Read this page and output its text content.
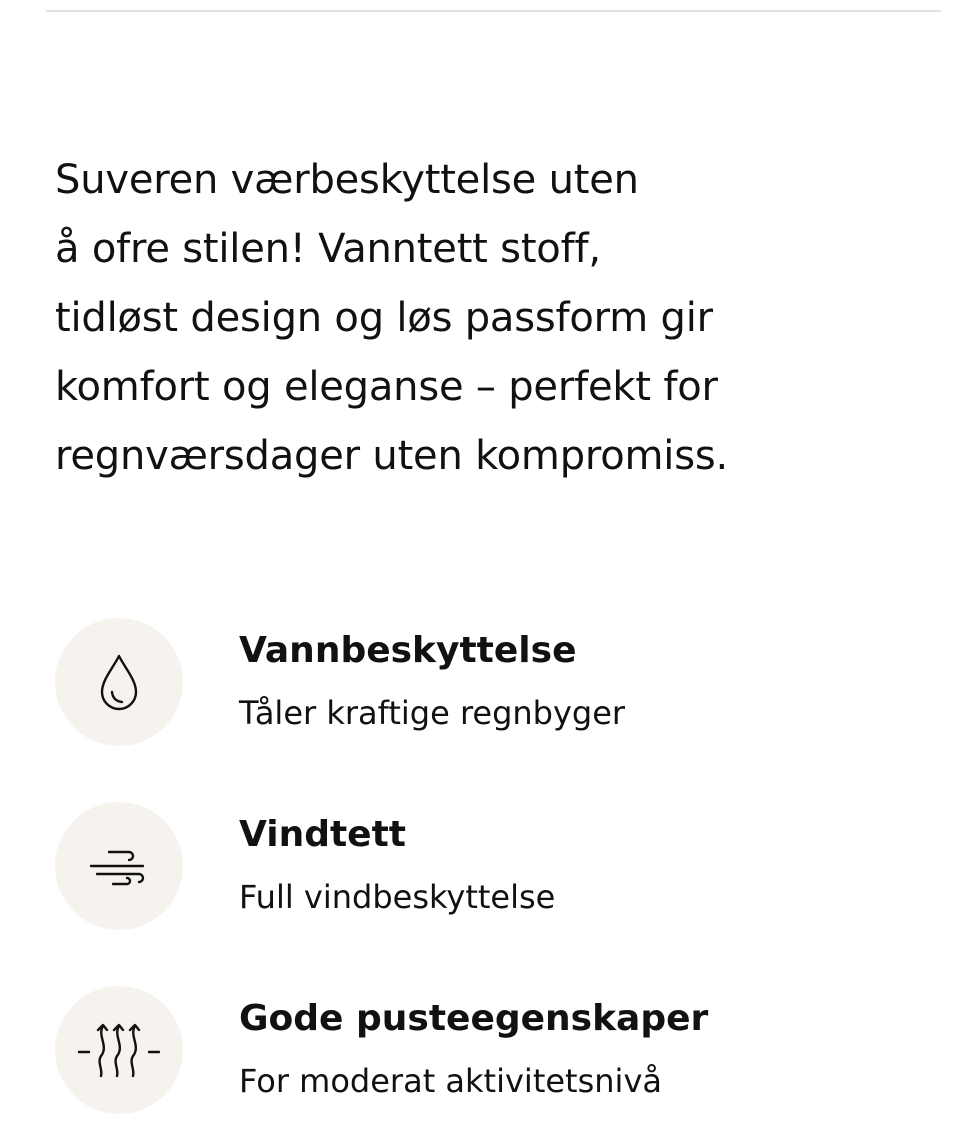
Suveren værbeskyttelse uten
å ofre stilen! Vanntett stoff,
tidløst design og løs passform gir
komfort og eleganse – perfekt for
regnværsdager uten kompromiss.

Vannbeskyttelse
Tåler kraftige regnbyger
Vindtett
Full vindbeskyttelse
Gode pusteegenskaper
For moderat aktivitetsnivå
